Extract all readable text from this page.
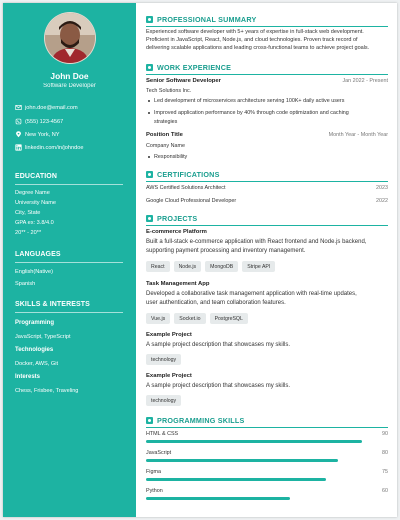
John Doe
Software Developer
john.doe@email.com
(555) 123-4567
New York, NY
linkedin.com/in/johndoe
EDUCATION
Degree Name
University Name
City, State
GPA ex: 3.8/4.0
20** - 20**
LANGUAGES
English(Native)
Spanish
SKILLS & INTERESTS
Programming
JavaScript, TypeScript
Technologies
Docker, AWS, Git
Interests
Chess, Frisbee, Traveling
PROFESSIONAL SUMMARY
Experienced software developer with 5+ years of expertise in full-stack web development.
Proficient in JavaScript, React, Node.js, and cloud technologies. Proven track record of
delivering scalable applications and leading cross-functional teams to achieve project goals.
WORK EXPERIENCE
Senior Software Developer	Jan 2022 - Present
Tech Solutions Inc.
Led development of microservices architecture serving 100K+ daily active users
Improved application performance by 40% through code optimization and caching
strategies
Position Title	Month Year - Month Year
Company Name
Responsibility
CERTIFICATIONS
AWS Certified Solutions Architect	2023
Google Cloud Professional Developer	2022
PROJECTS
E-commerce Platform
Built a full-stack e-commerce application with React frontend and Node.js backend,
supporting payment processing and inventory management.
React	Node.js	MongoDB	Stripe API
Task Management App
Developed a collaborative task management application with real-time updates,
user authentication, and team collaboration features.
Vue.js	Socket.io	PostgreSQL
Example Project
A sample project description that showcases my skills.
technology
Example Project
A sample project description that showcases my skills.
technology
PROGRAMMING SKILLS
HTML & CSS	90
JavaScript	80
Figma	75
Python	60
